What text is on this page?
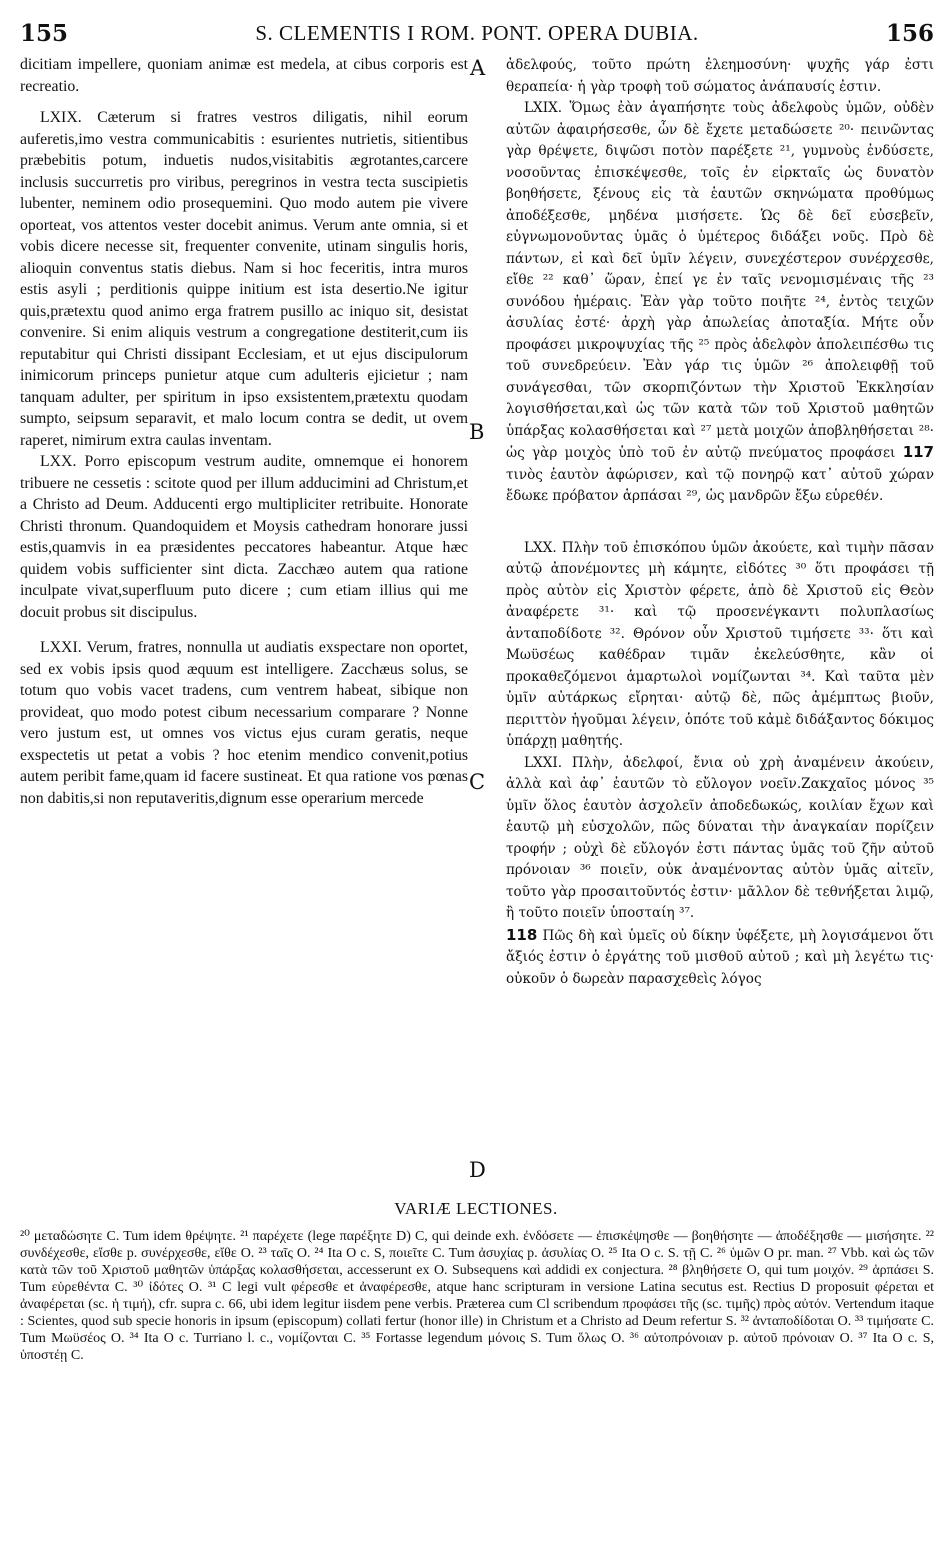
155	S. CLEMENTIS I ROM. PONT. OPERA DUBIA.	156

dicitiam impellere, quoniam animæ est medela, at cibus corporis est recreatio.

LXIX. Cæterum si fratres vestros diligatis, nihil eorum auferetis,imo vestra communicabitis : esurientes nutrietis, sitientibus præbebitis potum, induetis nudos,visitabitis ægrotantes,carcere inclusis succurretis pro viribus, peregrinos in vestra tecta suscipietis lubenter, neminem odio prosequemini. Quo modo autem pie vivere oporteat, vos attentos vester docebit animus. Verum ante omnia, si et vobis dicere necesse sit, frequenter convenite, utinam singulis horis, alioquin conventus statis diebus. Nam si hoc feceritis, intra muros estis asyli ; perditionis quippe initium est ista desertio.Ne igitur quis,prætextu quod animo erga fratrem pusillo ac iniquo sit, desistat convenire. Si enim aliquis vestrum a congregatione destiterit,cum iis reputabitur qui Christi dissipant Ecclesiam, et ut ejus discipulorum inimicorum princeps punietur atque cum adulteris ejicietur ; nam tanquam adulter, per spiritum in ipso exsistentem,prætextu quodam sumpto, seipsum separavit, et malo locum contra se dedit, ut ovem raperet, nimirum extra caulas inventam.

LXX. Porro episcopum vestrum audite, omnemque ei honorem tribuere ne cessetis : scitote quod per illum adducimini ad Christum,et a Christo ad Deum. Adducenti ergo multipliciter retribuite. Honorate Christi thronum. Quandoquidem et Moysis cathedram honorare jussi estis,quamvis in ea præsidentes peccatores habeantur. Atque hæc quidem vobis sufficienter sint dicta. Zacchæo autem qua ratione inculpate vivat,superfluum puto dicere ; cum etiam illius qui me docuit probus sit discipulus.

LXXI. Verum, fratres, nonnulla ut audiatis exspectare non oportet, sed ex vobis ipsis quod æquum est intelligere. Zacchæus solus, se totum quo vobis vacet tradens, cum ventrem habeat, sibique non provideat, quo modo potest cibum necessarium comparare ? Nonne vero justum est, ut omnes vos victus ejus curam geratis, neque exspectetis ut petat a vobis ? hoc etenim mendico convenit,potius autem peribit fame,quam id facere sustineat. Et qua ratione vos pœnas non dabitis,si non reputaveritis,dignum esse operarium mercede

A
B
C
D

ἀδελφούς, τοῦτο πρώτη ἐλεημοσύνη· ψυχῆς γάρ ἐστι θεραπεία· ἡ γὰρ τροφὴ τοῦ σώματος ἀνάπαυσίς ἐστιν.

LXIX. Ὅμως ἐὰν ἀγαπήσητε τοὺς ἀδελφοὺς ὑμῶν, οὐδὲν αὐτῶν ἀφαιρήσεσθε, ὧν δὲ ἔχετε μεταδώσετε ²⁰· πεινῶντας γὰρ θρέψετε, διψῶσι ποτὸν παρέξετε ²¹, γυμνοὺς ἐνδύσετε, νοσοῦντας ἐπισκέψεσθε, τοῖς ἐν εἱρκταῖς ὡς δυνατὸν βοηθήσετε, ξένους εἰς τὰ ἑαυτῶν σκηνώματα προθύμως ἀποδέξεσθε, μηδένα μισήσετε. Ὡς δὲ δεῖ εὐσεβεῖν, εὐγνωμονοῦντας ὑμᾶς ὁ ὑμέτερος διδάξει νοῦς. Πρὸ δὲ πάντων, εἰ καὶ δεῖ ὑμῖν λέγειν, συνεχέστερον συνέρχεσθε, εἴθε ²² καθ᾽ ὥραν, ἐπεί γε ἐν ταῖς νενομισμέναις τῆς ²³ συνόδου ἡμέραις. Ἐὰν γὰρ τοῦτο ποιῆτε ²⁴, ἐντὸς τειχῶν ἀσυλίας ἐστέ· ἀρχὴ γὰρ ἀπωλείας ἀποταξία. Μήτε οὖν προφάσει μικροψυχίας τῆς ²⁵ πρὸς ἀδελφὸν ἀπολειπέσθω τις τοῦ συνεδρεύειν. Ἐὰν γάρ τις ὑμῶν ²⁶ ἀπολειφθῇ τοῦ συνάγεσθαι, τῶν σκορπιζόντων τὴν Χριστοῦ Ἐκκλησίαν λογισθήσεται,καὶ ὡς τῶν κατὰ τῶν τοῦ Χριστοῦ μαθητῶν ὑπάρξας κολασθήσεται καὶ ²⁷ μετὰ μοιχῶν ἀποβληθήσεται ²⁸· ὡς γὰρ μοιχὸς ὑπὸ τοῦ ἐν αὐτῷ πνεύματος προφάσει 117 τινὸς ἑαυτὸν ἀφώρισεν, καὶ τῷ πονηρῷ κατ᾽ αὐτοῦ χώραν ἔδωκε πρόβατον ἁρπάσαι ²⁹, ὡς μανδρῶν ἔξω εὑρεθέν.

LXX. Πλὴν τοῦ ἐπισκόπου ὑμῶν ἀκούετε, καὶ τιμὴν πᾶσαν αὐτῷ ἀπονέμοντες μὴ κάμητε, εἰδότες ³⁰ ὅτι προφάσει τῇ πρὸς αὐτὸν εἰς Χριστὸν φέρετε, ἀπὸ δὲ Χριστοῦ εἰς Θεὸν ἀναφέρετε ³¹· καὶ τῷ προσενέγκαντι πολυπλασίως ἀνταποδίδοτε ³². Θρόνον οὖν Χριστοῦ τιμήσετε ³³· ὅτι καὶ Μωϋσέως καθέδραν τιμᾶν ἐκελεύσθητε, κἂν οἱ προκαθεζόμενοι ἁμαρτωλοὶ νομίζωνται ³⁴. Καὶ ταῦτα μὲν ὑμῖν αὐτάρκως εἴρηται· αὐτῷ δὲ, πῶς ἀμέμπτως βιοῦν, περιττὸν ἡγοῦμαι λέγειν, ὁπότε τοῦ κἀμὲ διδάξαντος δόκιμος ὑπάρχῃ μαθητής.

LXXI. Πλὴν, ἀδελφοί, ἔνια οὐ χρὴ ἀναμένειν ἀκούειν, ἀλλὰ καὶ ἀφ᾽ ἑαυτῶν τὸ εὔλογον νοεῖν.Ζακχαῖος μόνος ³⁵ ὑμῖν ὅλος ἑαυτὸν ἀσχολεῖν ἀποδεδωκώς, κοιλίαν ἔχων καὶ ἑαυτῷ μὴ εὐσχολῶν, πῶς δύναται τὴν ἀναγκαίαν πορίζειν τροφήν ; οὐχὶ δὲ εὔλογόν ἐστι πάντας ὑμᾶς τοῦ ζῆν αὐτοῦ πρόνοιαν ³⁶ ποιεῖν, οὐκ ἀναμένοντας αὐτὸν ὑμᾶς αἰτεῖν, τοῦτο γὰρ προσαιτοῦντός ἐστιν· μᾶλλον δὲ τεθνήξεται λιμῷ, ἢ τοῦτο ποιεῖν ὑποσταίη ³⁷.

118 Πῶς δὴ καὶ ὑμεῖς οὐ δίκην ὑφέξετε, μὴ λογισάμενοι ὅτι ἄξιός ἐστιν ὁ ἐργάτης τοῦ μισθοῦ αὐτοῦ ; καὶ μὴ λεγέτω τις· οὐκοῦν ὁ δωρεὰν παρασχεθεὶς λόγος

VARIÆ LECTIONES.
²⁰ μεταδώσητε C. Tum idem θρέψητε. ²¹ παρέχετε (lege παρέξητε D) C, qui deinde exh. ἐνδόσετε — ἐπισκέψησθε — βοηθήσητε — ἀποδέξησθε — μισήσητε. ²² συνδέχεσθε, εἴσθε p. συνέρχεσθε, εἴθε O. ²³ ταῖς O. ²⁴ Ita O c. S, ποιεῖτε C. Tum ἀσυχίας p. ἀσυλίας O. ²⁵ Ita O c. S. τῇ C. ²⁶ ὑμῶν O pr. man. ²⁷ Vbb. καὶ ὡς τῶν κατὰ τῶν τοῦ Χριστοῦ μαθητῶν ὑπάρξας κολασθήσεται, accesserunt ex O. Subsequens καὶ addidi ex conjectura. ²⁸ βληθήσετε O, qui tum μοιχόν. ²⁹ ἁρπάσει S. Tum εὑρεθέντα C. ³⁰ ἰδότες O. ³¹ C legi vult φέρεσθε et ἀναφέρεσθε, atque hanc scripturam in versione Latina secutus est. Rectius D proposuit φέρεται et ἀναφέρεται (sc. ἡ τιμή), cfr. supra c. 66, ubi idem legitur iisdem pene verbis. Præterea cum Cl scribendum προφάσει τῆς (sc. τιμῆς) πρὸς αὐτόν. Vertendum itaque : Scientes, quod sub specie honoris in ipsum (episcopum) collati fertur (honor ille) in Christum et a Christo ad Deum refertur S. ³² ἀνταποδίδοται O. ³³ τιμήσατε C. Tum Μωϋσέος O. ³⁴ Ita O c. Turriano l. c., νομίζονται C. ³⁵ Fortasse legendum μόνοις S. Tum ὅλως O. ³⁶ αὐτοπρόνοιαν p. αὐτοῦ πρόνοιαν O. ³⁷ Ita O c. S, ὑποστέῃ C.
